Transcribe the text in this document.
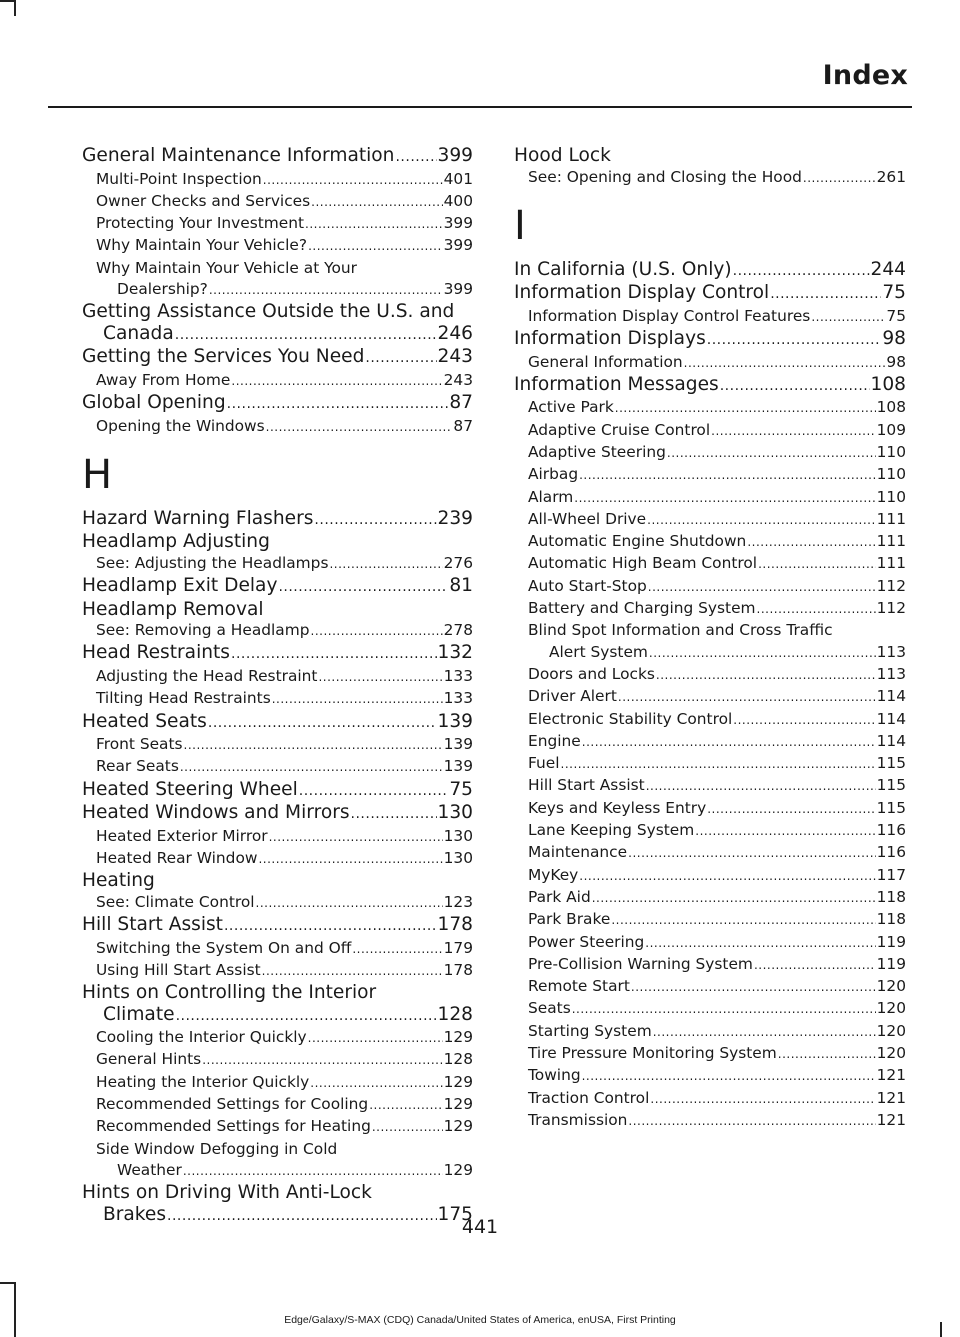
Index
General Maintenance Information ..... 399
Multi-Point Inspection .....	401
Owner Checks and Services .....	400
Protecting Your Investment .....	399
Why Maintain Your Vehicle? .....	399
Why Maintain Your Vehicle at Your
Dealership? .....	399
Getting Assistance Outside the U.S. and
Canada .....	246
Getting the Services You Need .....	243
Away From Home .....	243
Global Opening .....	87
Opening the Windows .....	87
H
Hazard Warning Flashers .....	239
Headlamp Adjusting
See: Adjusting the Headlamps .....	276
Headlamp Exit Delay .....	81
Headlamp Removal
See: Removing a Headlamp .....	278
Head Restraints .....	132
Adjusting the Head Restraint .....	133
Tilting Head Restraints .....	133
Heated Seats .....	139
Front Seats .....	139
Rear Seats .....	139
Heated Steering Wheel .....	75
Heated Windows and Mirrors .....	130
Heated Exterior Mirror .....	130
Heated Rear Window .....	130
Heating
See: Climate Control .....	123
Hill Start Assist .....	178
Switching the System On and Off .....	179
Using Hill Start Assist .....	178
Hints on Controlling the Interior
Climate .....	128
Cooling the Interior Quickly .....	129
General Hints .....	128
Heating the Interior Quickly .....	129
Recommended Settings for Cooling .....	129
Recommended Settings for Heating .....	129
Side Window Defogging in Cold
Weather .....	129
Hints on Driving With Anti-Lock
Brakes .....	175
Hood Lock
See: Opening and Closing the Hood .....	261
I
In California (U.S. Only) .....	244
Information Display Control .....	75
Information Display Control Features .....	75
Information Displays .....	98
General Information .....	98
Information Messages .....	108
Active Park .....	108
Adaptive Cruise Control .....	109
Adaptive Steering .....	110
Airbag .....	110
Alarm .....	110
All-Wheel Drive .....	111
Automatic Engine Shutdown .....	111
Automatic High Beam Control .....	111
Auto Start-Stop .....	112
Battery and Charging System .....	112
Blind Spot Information and Cross Traffic
Alert System .....	113
Doors and Locks .....	113
Driver Alert .....	114
Electronic Stability Control .....	114
Engine .....	114
Fuel .....	115
Hill Start Assist .....	115
Keys and Keyless Entry .....	115
Lane Keeping System .....	116
Maintenance .....	116
MyKey .....	117
Park Aid .....	118
Park Brake .....	118
Power Steering .....	119
Pre-Collision Warning System .....	119
Remote Start .....	120
Seats .....	120
Starting System .....	120
Tire Pressure Monitoring System .....	120
Towing .....	121
Traction Control .....	121
Transmission .....	121
441
Edge/Galaxy/S-MAX (CDQ) Canada/United States of America, enUSA, First Printing
